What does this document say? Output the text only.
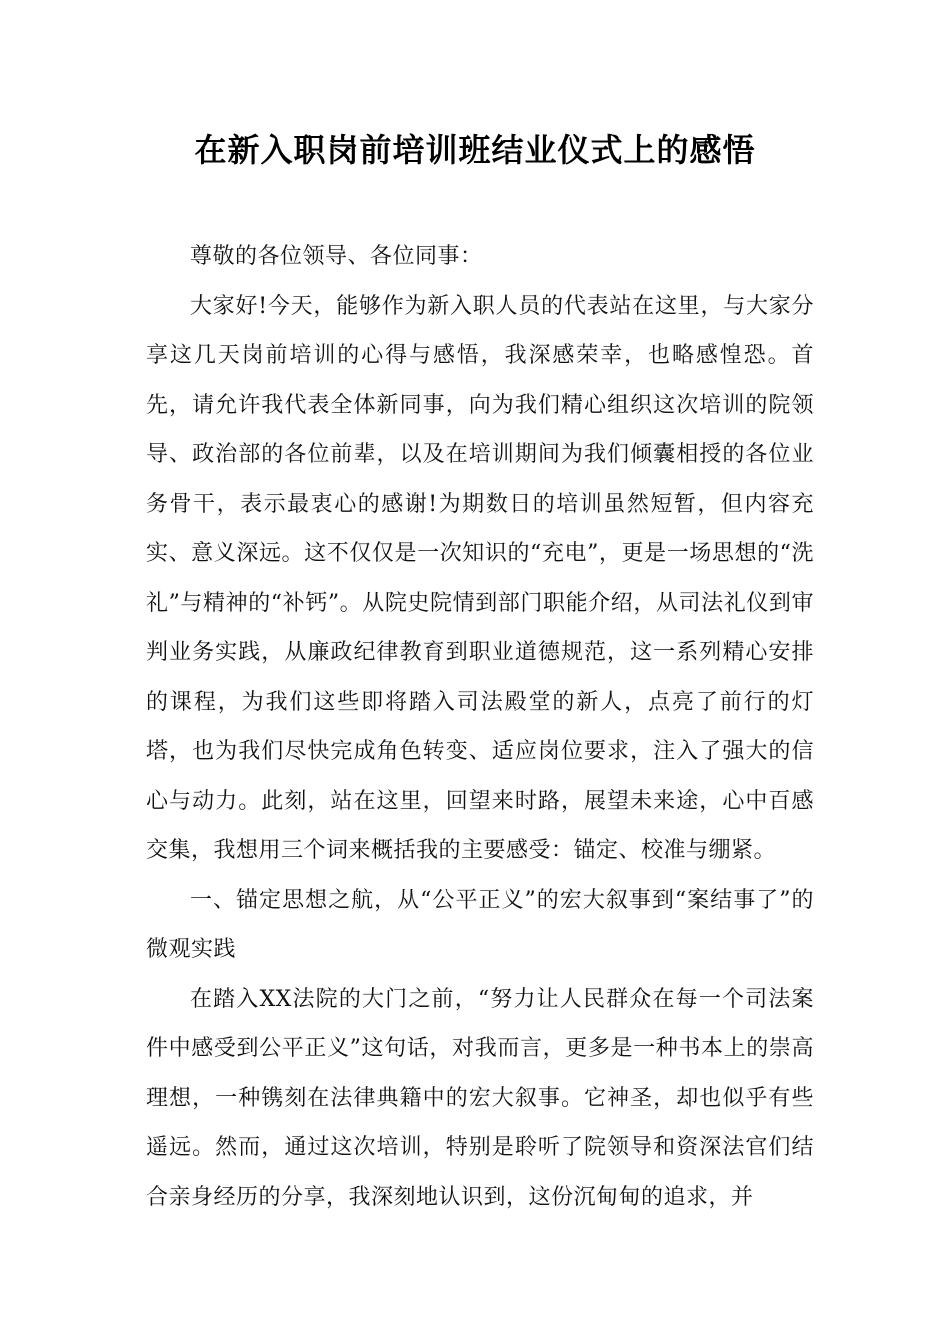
在新入职岗前培训班结业仪式上的感悟

尊敬的各位领导、各位同事：

大家好!今天，能够作为新入职人员的代表站在这里，与大家分享这几天岗前培训的心得与感悟，我深感荣幸，也略感惶恐。首先，请允许我代表全体新同事，向为我们精心组织这次培训的院领导、政治部的各位前辈，以及在培训期间为我们倾囊相授的各位业务骨干，表示最衷心的感谢!为期数日的培训虽然短暂，但内容充实、意义深远。这不仅仅是一次知识的“充电”，更是一场思想的“洗礼”与精神的“补钙”。从院史院情到部门职能介绍，从司法礼仪到审判业务实践，从廉政纪律教育到职业道德规范，这一系列精心安排的课程，为我们这些即将踏入司法殿堂的新人，点亮了前行的灯塔，也为我们尽快完成角色转变、适应岗位要求，注入了强大的信心与动力。此刻，站在这里，回望来时路，展望未来途，心中百感交集，我想用三个词来概括我的主要感受：锚定、校准与绷紧。

一、锚定思想之航，从“公平正义”的宏大叙事到“案结事了”的微观实践

在踏入XX法院的大门之前，“努力让人民群众在每一个司法案件中感受到公平正义”这句话，对我而言，更多是一种书本上的崇高理想，一种镌刻在法律典籍中的宏大叙事。它神圣，却也似乎有些遥远。然而，通过这次培训，特别是聆听了院领导和资深法官们结合亲身经历的分享，我深刻地认识到，这份沉甸甸的追求，并
